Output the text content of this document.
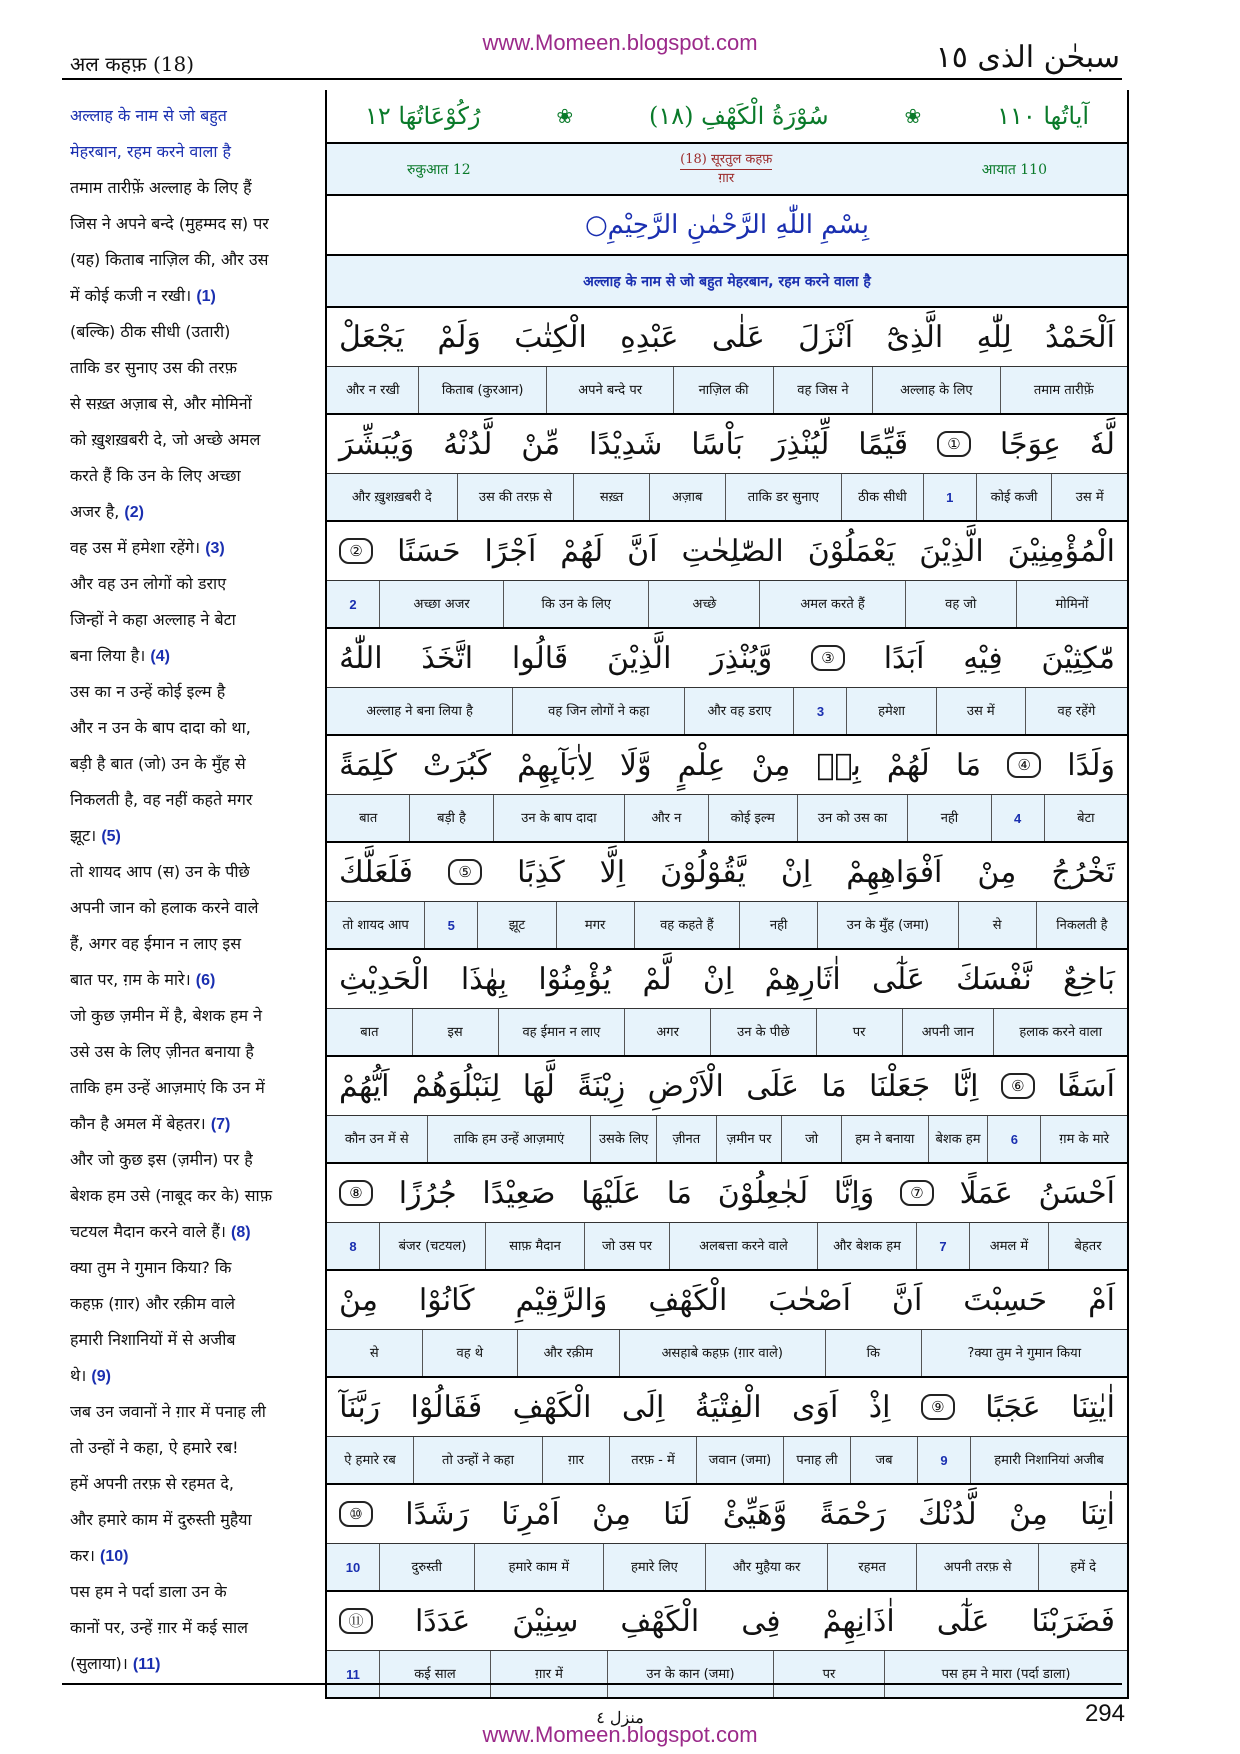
अल कहफ़ (18)
www.Momeen.blogspot.com	سبحٰن الذی ١٥
अल्लाह के नाम से जो बहुत
मेहरबान, रहम करने वाला है
तमाम तारीफ़ें अल्लाह के लिए हैं
जिस ने अपने बन्दे (मुहम्मद स) पर
(यह) किताब नाज़िल की, और उस
में कोई कजी न रखी। (1)
(बल्कि) ठीक सीधी (उतारी)
ताकि डर सुनाए उस की तरफ़
से सख़्त अज़ाब से, और मोमिनों
को ख़ुशख़बरी दे, जो अच्छे अमल
करते हैं कि उन के लिए अच्छा
अजर है, (2)
वह उस में हमेशा रहेंगे। (3)
और वह उन लोगों को डराए
जिन्हों ने कहा अल्लाह ने बेटा
बना लिया है। (4)
उस का न उन्हें कोई इल्म है
और न उन के बाप दादा को था,
बड़ी है बात (जो) उन के मुँह से
निकलती है, वह नहीं कहते मगर
झूट। (5)
तो शायद आप (स) उन के पीछे
अपनी जान को हलाक करने वाले
हैं, अगर वह ईमान न लाए इस
बात पर, ग़म के मारे। (6)
जो कुछ ज़मीन में है, बेशक हम ने
उसे उस के लिए ज़ीनत बनाया है
ताकि हम उन्हें आज़माएं कि उन में
कौन है अमल में बेहतर। (7)
और जो कुछ इस (ज़मीन) पर है
बेशक हम उसे (नाबूद कर के) साफ़
चटयल मैदान करने वाले हैं। (8)
क्या तुम ने गुमान किया? कि
कहफ़ (ग़ार) और रक़ीम वाले
हमारी निशानियों में से अजीब
थे। (9)
जब उन जवानों ने ग़ार में पनाह ली
तो उन्हों ने कहा, ऐ हमारे रब!
हमें अपनी तरफ़ से रहमत दे,
और हमारे काम में दुरुस्ती मुहैया
कर। (10)
पस हम ने पर्दा डाला उन के
कानों पर, उन्हें ग़ार में कई साल
(सुलाया)। (11)
آیاتُھا ١١٠
❀
سُوْرَةُ الْكَهْفِ (١٨)
❀
رُكُوْعَاتُهَا ١٢
रुकुआत 12
(18) सूरतुल कहफ़
ग़ार
आयात 110
بِسْمِ اللّٰهِ الرَّحْمٰنِ الرَّحِیْمِ○
अल्लाह के नाम से जो बहुत मेहरबान, रहम करने वाला है
اَلْحَمْدُ
لِلّٰهِ
الَّذِیْٓ
اَنْزَلَ
عَلٰی
عَبْدِهِ
الْكِتٰبَ
وَلَمْ
یَجْعَلْ
तमाम तारीफ़ें
अल्लाह के लिए
वह जिस ने
नाज़िल की
अपने बन्दे पर
किताब (कुरआन)
और न रखी
لَّهٗ
عِوَجًا
①
قَیِّمًا
لِّیُنْذِرَ
بَاْسًا
شَدِیْدًا
مِّنْ
لَّدُنْهُ
وَیُبَشِّرَ
उस में
कोई कजी
1
ठीक सीधी
ताकि डर सुनाए
अज़ाब
सख़्त
उस की तरफ़ से
और ख़ुशख़बरी दे
الْمُؤْمِنِیْنَ
الَّذِیْنَ
یَعْمَلُوْنَ
الصّٰلِحٰتِ
اَنَّ
لَهُمْ
اَجْرًا
حَسَنًا
②
मोमिनों
वह जो
अमल करते हैं
अच्छे
कि उन के लिए
अच्छा अजर
2
مّٰكِثِیْنَ
فِیْهِ
اَبَدًا
③
وَّیُنْذِرَ
الَّذِیْنَ
قَالُوا
اتَّخَذَ
اللّٰهُ
वह रहेंगे
उस में
हमेशा
3
और वह डराए
वह जिन लोगों ने कहा
अल्लाह ने बना लिया है
وَلَدًا
④
مَا
لَهُمْ
بِهٖ
مِنْ
عِلْمٍ
وَّلَا
لِاٰبَآىِٕهِمْ
كَبُرَتْ
كَلِمَةً
बेटा
4
नही
उन को उस का
कोई इल्म
और न
उन के बाप दादा
बड़ी है
बात
تَخْرُجُ
مِنْ
اَفْوَاهِهِمْ
اِنْ
یَّقُوْلُوْنَ
اِلَّا
كَذِبًا
⑤
فَلَعَلَّكَ
निकलती है
से
उन के मुँह (जमा)
नही
वह कहते हैं
मगर
झूट
5
तो शायद आप
بَاخِعٌ
نَّفْسَكَ
عَلٰٓی
اٰثَارِهِمْ
اِنْ
لَّمْ
یُؤْمِنُوْا
بِهٰذَا
الْحَدِیْثِ
हलाक करने वाला
अपनी जान
पर
उन के पीछे
अगर
वह ईमान न लाए
इस
बात
اَسَفًا
⑥
اِنَّا
جَعَلْنَا
مَا
عَلَی
الْاَرْضِ
زِیْنَةً
لَّهَا
لِنَبْلُوَهُمْ
اَیُّهُمْ
ग़म के मारे
6
बेशक हम
हम ने बनाया
जो
ज़मीन पर
ज़ीनत
उसके लिए
ताकि हम उन्हें आज़माएं
कौन उन में से
اَحْسَنُ
عَمَلًا
⑦
وَاِنَّا
لَجٰعِلُوْنَ
مَا
عَلَیْهَا
صَعِیْدًا
جُرُزًا
⑧
बेहतर
अमल में
7
और बेशक हम
अलबत्ता करने वाले
जो उस पर
साफ़ मैदान
बंजर (चटयल)
8
اَمْ
حَسِبْتَ
اَنَّ
اَصْحٰبَ
الْكَهْفِ
وَالرَّقِیْمِ
كَانُوْا
مِنْ
क्या तुम ने गुमान किया?
कि
असहाबे कहफ़ (ग़ार वाले)
और रक़ीम
वह थे
से
اٰیٰتِنَا
عَجَبًا
⑨
اِذْ
اَوَی
الْفِتْیَةُ
اِلَی
الْكَهْفِ
فَقَالُوْا
رَبَّنَآ
हमारी निशानियां अजीब
9
जब
पनाह ली
जवान (जमा)
तरफ़ - में
ग़ार
तो उन्हों ने कहा
ऐ हमारे रब
اٰتِنَا
مِنْ
لَّدُنْكَ
رَحْمَةً
وَّهَیِّئْ
لَنَا
مِنْ
اَمْرِنَا
رَشَدًا
⑩
हमें दे
अपनी तरफ़ से
रहमत
और मुहैया कर
हमारे लिए
हमारे काम में
दुरुस्ती
10
فَضَرَبْنَا
عَلٰٓی
اٰذَانِهِمْ
فِی
الْكَهْفِ
سِنِیْنَ
عَدَدًا
⑪
पस हम ने मारा (पर्दा डाला)
पर
उन के कान (जमा)
ग़ार में
कई साल
11
منزل ٤	294
www.Momeen.blogspot.com
